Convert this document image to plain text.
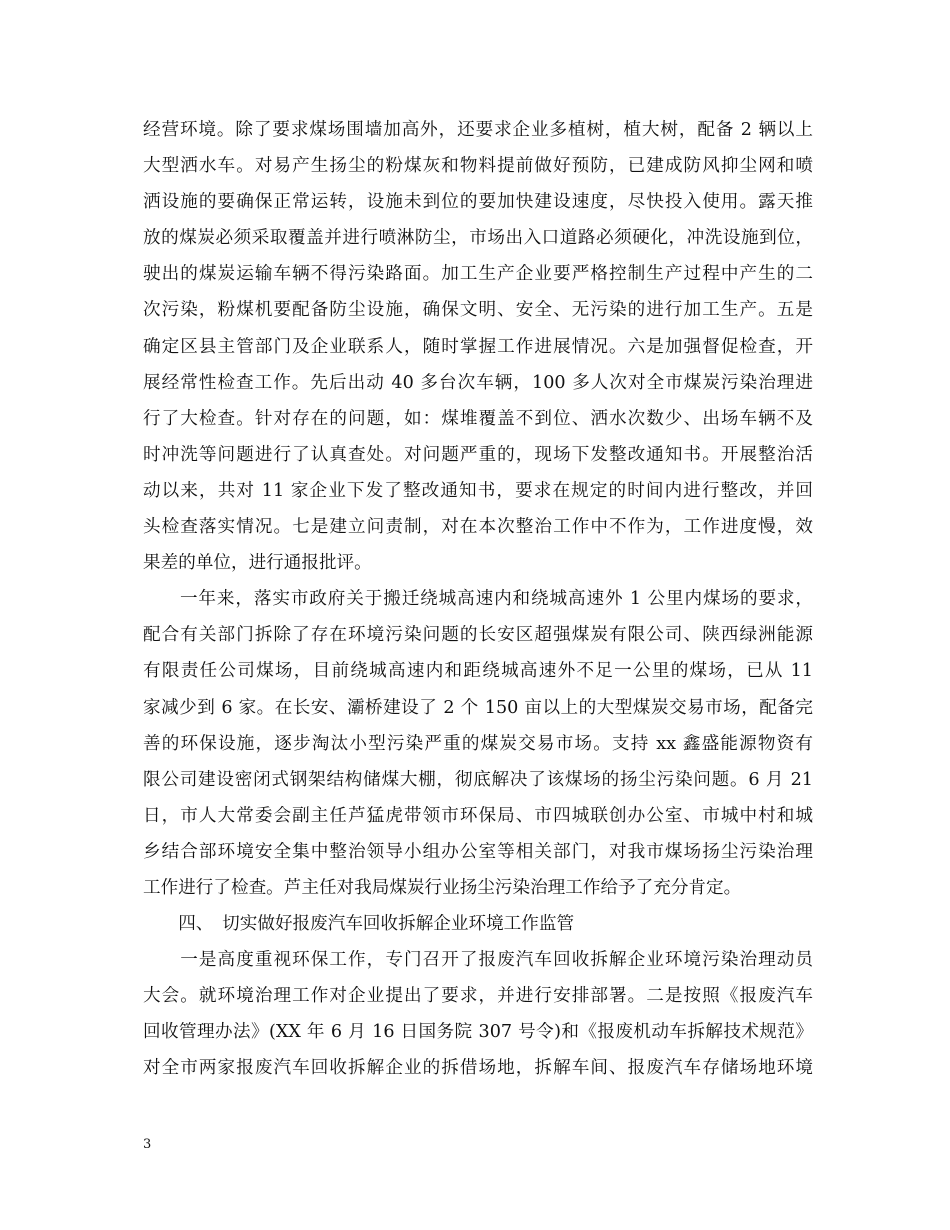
经营环境。除了要求煤场围墙加高外，还要求企业多植树，植大树，配备 2 辆以上
大型洒水车。对易产生扬尘的粉煤灰和物料提前做好预防，已建成防风抑尘网和喷
洒设施的要确保正常运转，设施未到位的要加快建设速度，尽快投入使用。露天推
放的煤炭必须采取覆盖并进行喷淋防尘，市场出入口道路必须硬化，冲洗设施到位，
驶出的煤炭运输车辆不得污染路面。加工生产企业要严格控制生产过程中产生的二
次污染，粉煤机要配备防尘设施，确保文明、安全、无污染的进行加工生产。五是
确定区县主管部门及企业联系人，随时掌握工作进展情况。六是加强督促检查，开
展经常性检查工作。先后出动 40 多台次车辆，100 多人次对全市煤炭污染治理进
行了大检查。针对存在的问题，如：煤堆覆盖不到位、洒水次数少、出场车辆不及
时冲洗等问题进行了认真查处。对问题严重的，现场下发整改通知书。开展整治活
动以来，共对 11 家企业下发了整改通知书，要求在规定的时间内进行整改，并回
头检查落实情况。七是建立问责制，对在本次整治工作中不作为，工作进度慢，效
果差的单位，进行通报批评。
　　一年来，落实市政府关于搬迁绕城高速内和绕城高速外 1 公里内煤场的要求，
配合有关部门拆除了存在环境污染问题的长安区超强煤炭有限公司、陕西绿洲能源
有限责任公司煤场，目前绕城高速内和距绕城高速外不足一公里的煤场，已从 11
家减少到 6 家。在长安、灞桥建设了 2 个 150 亩以上的大型煤炭交易市场，配备完
善的环保设施，逐步淘汰小型污染严重的煤炭交易市场。支持 xx 鑫盛能源物资有
限公司建设密闭式钢架结构储煤大棚，彻底解决了该煤场的扬尘污染问题。6 月 21
日，市人大常委会副主任芦猛虎带领市环保局、市四城联创办公室、市城中村和城
乡结合部环境安全集中整治领导小组办公室等相关部门，对我市煤场扬尘污染治理
工作进行了检查。芦主任对我局煤炭行业扬尘污染治理工作给予了充分肯定。
　　四、　切实做好报废汽车回收拆解企业环境工作监管
　　一是高度重视环保工作，专门召开了报废汽车回收拆解企业环境污染治理动员
大会。就环境治理工作对企业提出了要求，并进行安排部署。二是按照《报废汽车
回收管理办法》(XX 年 6 月 16 日国务院 307 号令)和《报废机动车拆解技术规范》
对全市两家报废汽车回收拆解企业的拆借场地，拆解车间、报废汽车存储场地环境
3
